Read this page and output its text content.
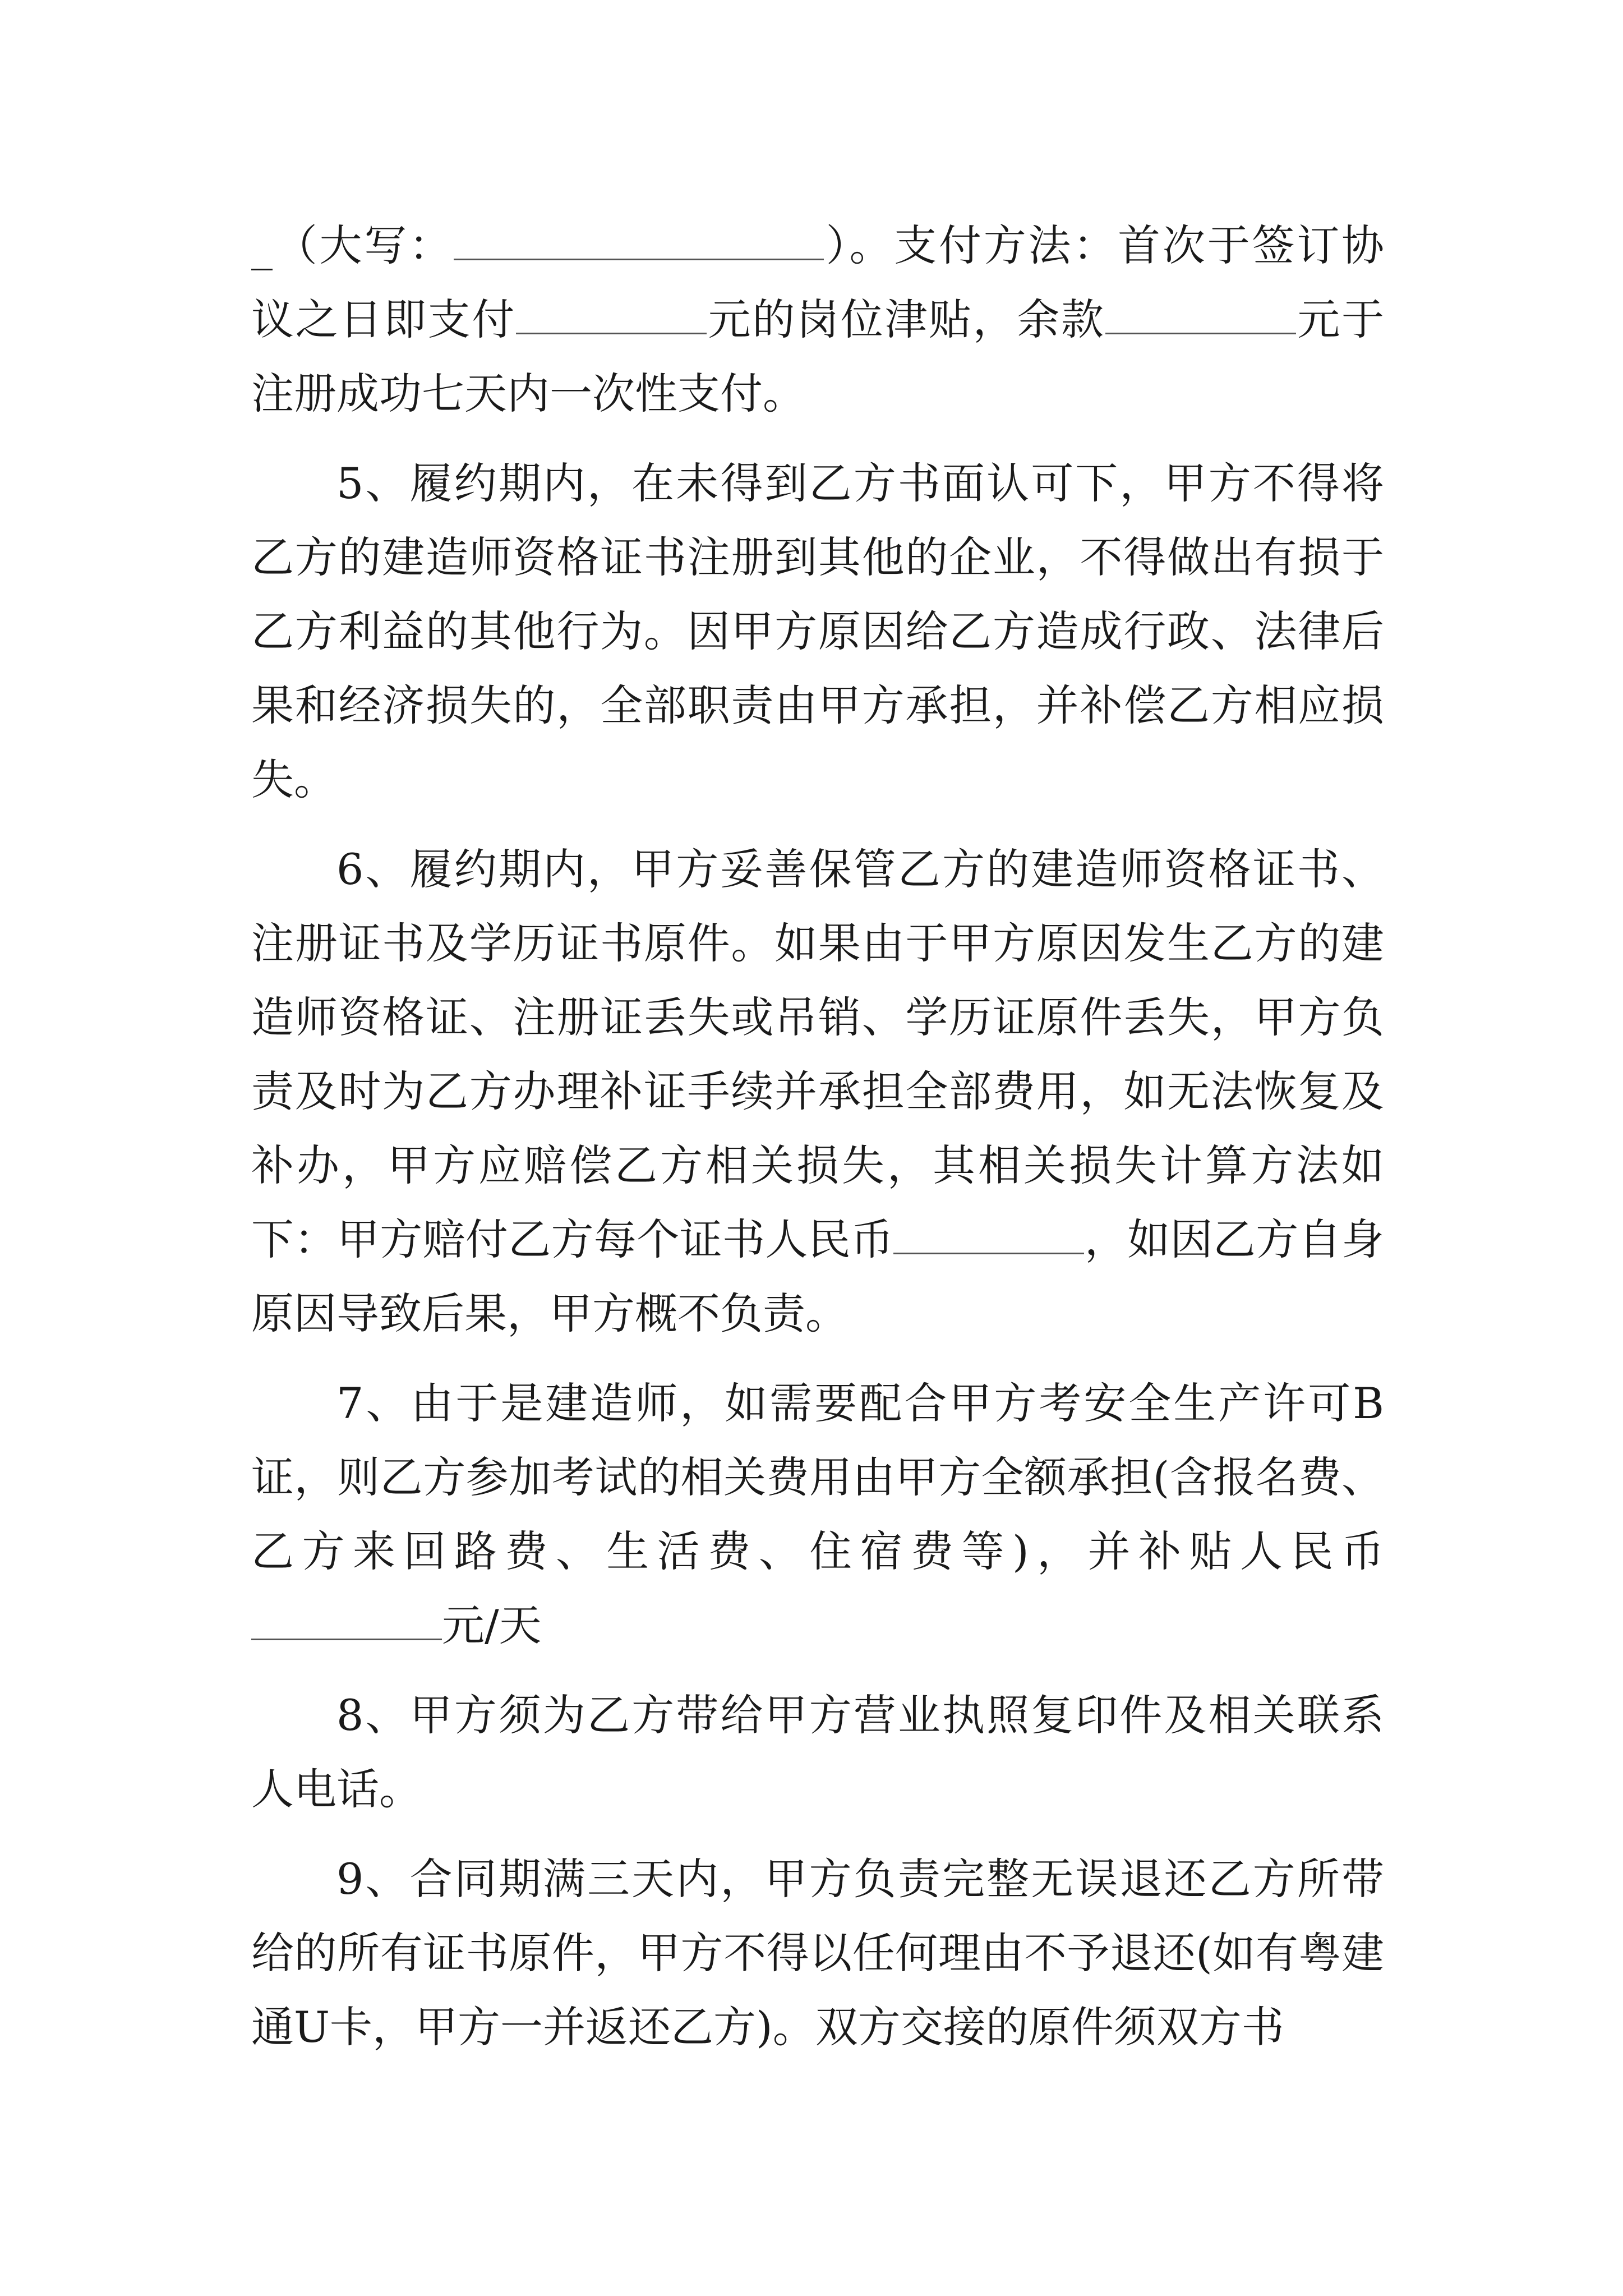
_（大写：	）。支付方法：首次于签订协议之日即支付	元的岗位津贴，余款	元于注册成功七天内一次性支付。

5、履约期内，在未得到乙方书面认可下，甲方不得将乙方的建造师资格证书注册到其他的企业，不得做出有损于乙方利益的其他行为。因甲方原因给乙方造成行政、法律后果和经济损失的，全部职责由甲方承担，并补偿乙方相应损失。

6、履约期内，甲方妥善保管乙方的建造师资格证书、注册证书及学历证书原件。如果由于甲方原因发生乙方的建造师资格证、注册证丢失或吊销、学历证原件丢失，甲方负责及时为乙方办理补证手续并承担全部费用，如无法恢复及补办，甲方应赔偿乙方相关损失，其相关损失计算方法如下：甲方赔付乙方每个证书人民币	，如因乙方自身原因导致后果，甲方概不负责。

7、由于是建造师，如需要配合甲方考安全生产许可B证，则乙方参加考试的相关费用由甲方全额承担(含报名费、乙方来回路费、生活费、住宿费等)，并补贴人民币元/天

8、甲方须为乙方带给甲方营业执照复印件及相关联系人电话。

9、合同期满三天内，甲方负责完整无误退还乙方所带给的所有证书原件，甲方不得以任何理由不予退还(如有粤建通U卡，甲方一并返还乙方)。双方交接的原件须双方书
